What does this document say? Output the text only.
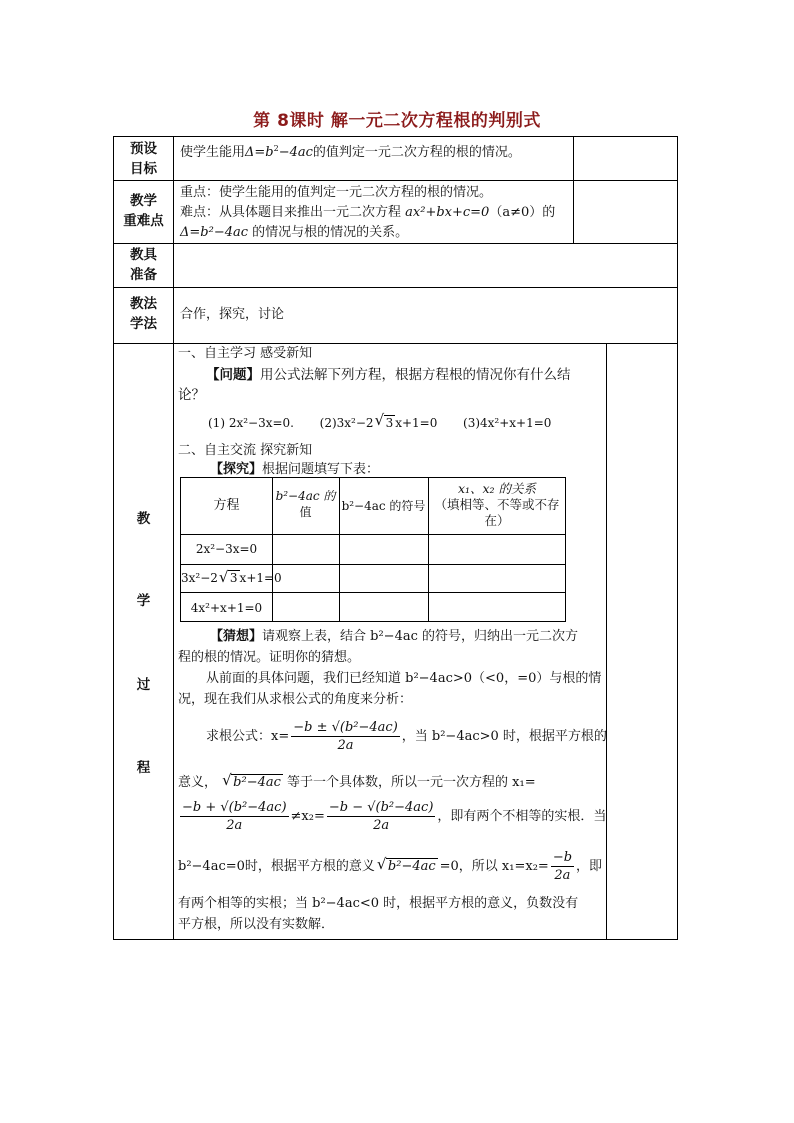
第 8课时 解一元二次方程根的判别式
预设
目标
使学生能用$\Delta=b^2-4ac$的值判定一元二次方程的根的情况。
教学
重难点
重点：使学生能用的值判定一元二次方程的根的情况。
难点：从具体题目来推出一元二次方程 ax²+bx+c=0（a≠0）的
Δ=b²−4ac 的情况与根的情况的关系。
教具
准备
教法
学法
合作，探究，讨论
教
学
过
程
一、自主学习 感受新知
【问题】用公式法解下列方程，根据方程根的情况你有什么结
论？
(1) 2x²−3x=0. (2)3x²−2 √ 3 x+1=0 (3)4x²+x+1=0
二、自主交流 探究新知
【探究】根据问题填写下表：
【猜想】请观察上表，结合 b²−4ac 的符号，归纳出一元二次方
程的根的情况。证明你的猜想。
从前面的具体问题，我们已经知道 b²−4ac>0（<0，=0）与根的情
况，现在我们从求根公式的角度来分析：
求根公式：$x= \frac{\text{−b ± √(b²−4ac)}}{2a}$ ，当 b²−4ac>0 时，根据平方根的
意义， √ b²−4ac 等于一个具体数，所以一元一次方程的 x₁=
$\frac{\text{−b + √(b²−4ac)}}{2a} \ne x_2= \frac{\text{−b − √(b²−4ac)}}{2a}$ ，即有两个不相等的实根．当
b²−4ac=0时，根据平方根的意义	√ b²−4ac =0，所以 $x_1=x_2= \frac{-b}{2a}$ ，即
有两个相等的实根；当 b²−4ac<0 时，根据平方根的意义，负数没有
平方根，所以没有实数解．
方程
b²−4ac 的
值	b²−4ac 的符号
x₁、x₂ 的关系
（填相等、不等或不存
在）
2x²−3x=0
3x²−2 √ 3 x+1=0
4x²+x+1=0
